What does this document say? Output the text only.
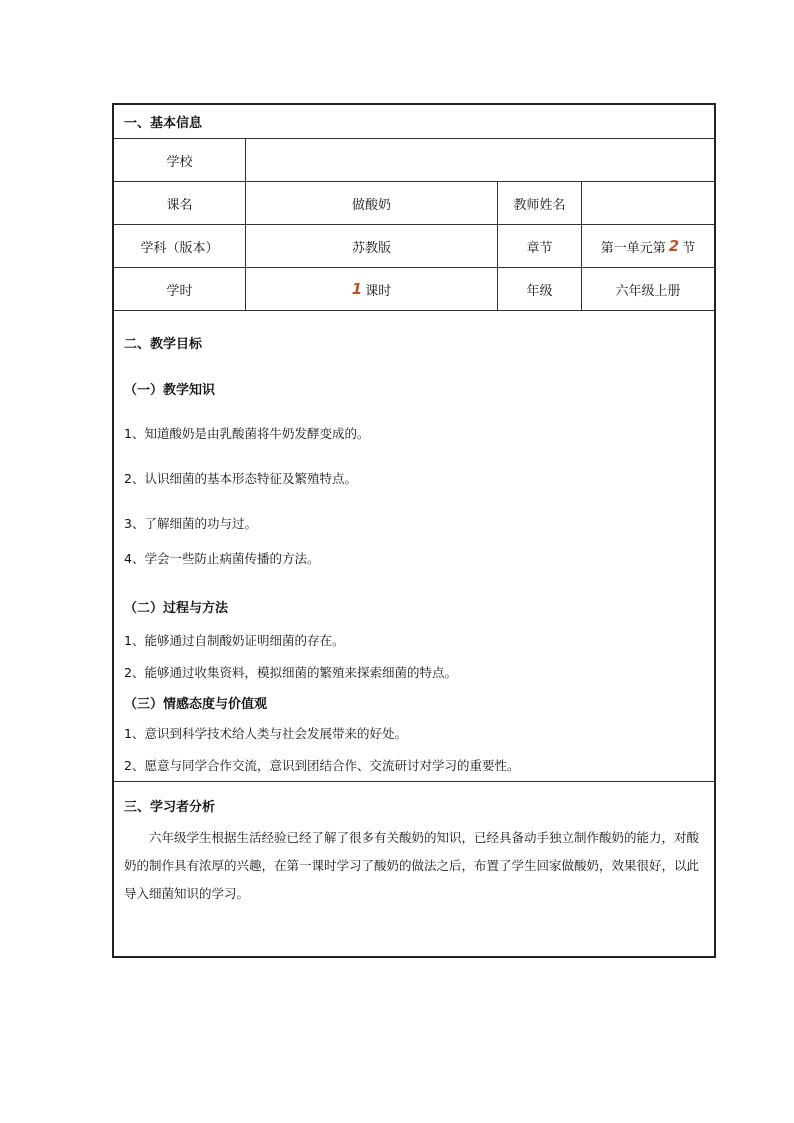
一、基本信息
学校
课名	做酸奶	教师姓名
学科（版本）	苏教版	章节	第一单元第 2 节
学时	1 课时	年级	六年级上册
二、教学目标
（一）教学知识
1、知道酸奶是由乳酸菌将牛奶发酵变成的。
2、认识细菌的基本形态特征及繁殖特点。
3、了解细菌的功与过。
4、学会一些防止病菌传播的方法。
（二）过程与方法
1、能够通过自制酸奶证明细菌的存在。
2、能够通过收集资料，模拟细菌的繁殖来探索细菌的特点。
（三）情感态度与价值观
1、意识到科学技术给人类与社会发展带来的好处。
2、愿意与同学合作交流，意识到团结合作、交流研讨对学习的重要性。
三、学习者分析
六年级学生根据生活经验已经了解了很多有关酸奶的知识，已经具备动手独立制作酸奶的能力，对酸奶的制作具有浓厚的兴趣，在第一课时学习了酸奶的做法之后，布置了学生回家做酸奶，效果很好，以此导入细菌知识的学习。
